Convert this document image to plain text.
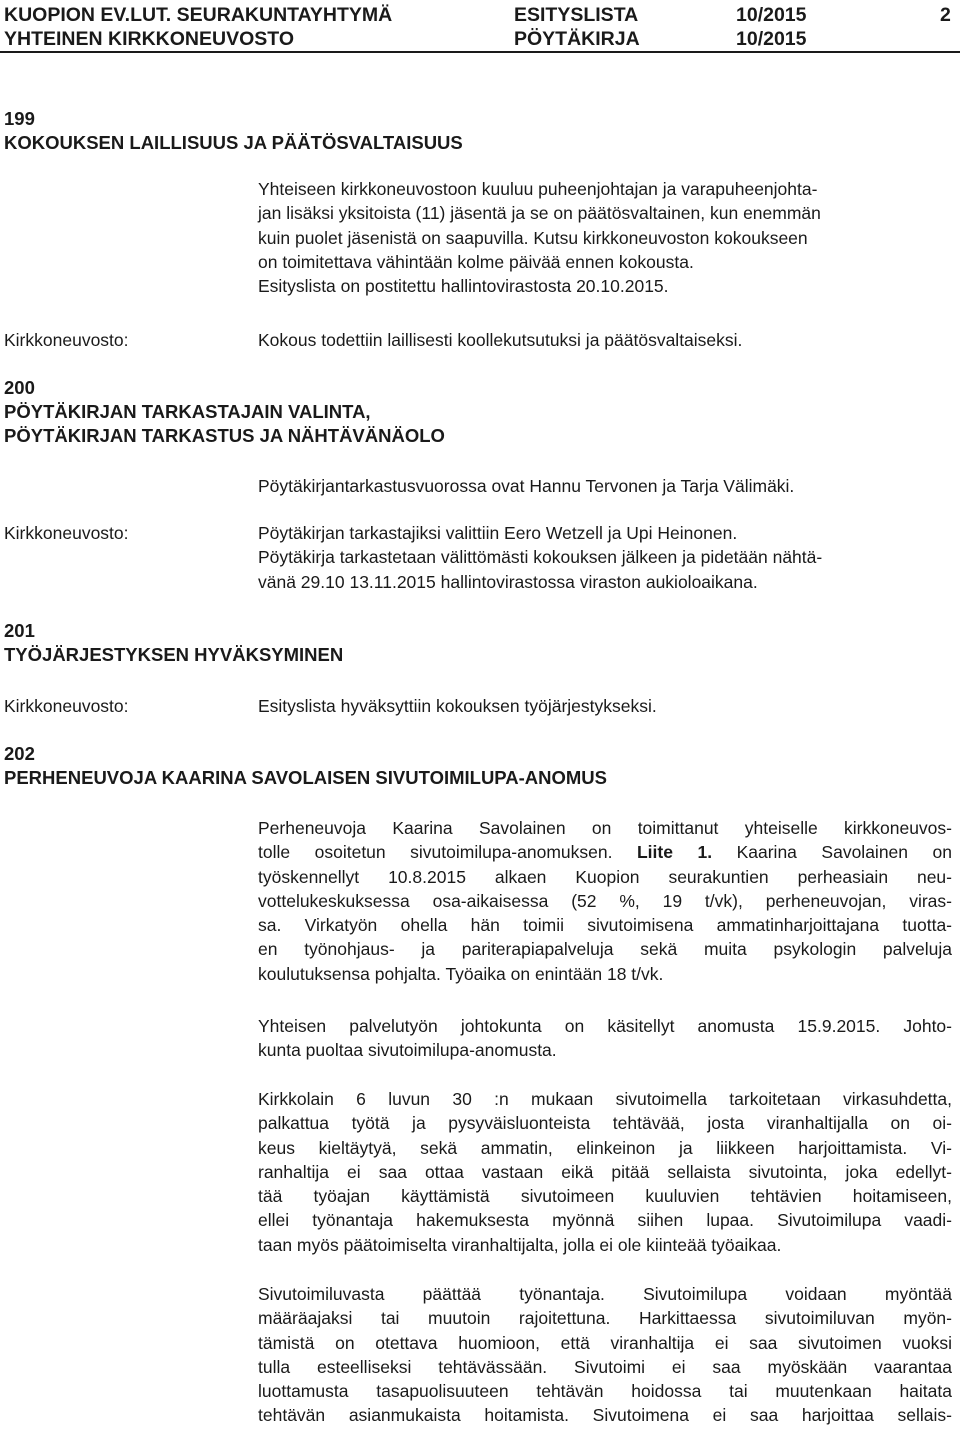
KUOPION EV.LUT. SEURAKUNTAYHTYMÄ
YHTEINEN KIRKKONEUVOSTO
ESITYSLISTA
PÖYTÄKIRJA
10/2015
10/2015
2
199
KOKOUKSEN LAILLISUUS JA PÄÄTÖSVALTAISUUS
Yhteiseen kirkkoneuvostoon kuuluu puheenjohtajan ja varapuheenjohta-
jan lisäksi yksitoista (11) jäsentä ja se on päätösvaltainen, kun enemmän
kuin puolet jäsenistä on saapuvilla. Kutsu kirkkoneuvoston kokoukseen
on toimitettava vähintään kolme päivää ennen kokousta.
Esityslista on postitettu hallintovirastosta 20.10.2015.
Kirkkoneuvosto:	Kokous todettiin laillisesti koollekutsutuksi ja päätösvaltaiseksi.
200
PÖYTÄKIRJAN TARKASTAJAIN VALINTA,
PÖYTÄKIRJAN TARKASTUS JA NÄHTÄVÄNÄOLO
Pöytäkirjantarkastusvuorossa ovat Hannu Tervonen ja Tarja Välimäki.
Kirkkoneuvosto:	Pöytäkirjan tarkastajiksi valittiin Eero Wetzell ja Upi Heinonen.
Pöytäkirja tarkastetaan välittömästi kokouksen jälkeen ja pidetään nähtä-
vänä 29.10 13.11.2015 hallintovirastossa viraston aukioloaikana.
201
TYÖJÄRJESTYKSEN HYVÄKSYMINEN
Kirkkoneuvosto:	Esityslista hyväksyttiin kokouksen työjärjestykseksi.
202
PERHENEUVOJA KAARINA SAVOLAISEN SIVUTOIMILUPA-ANOMUS
Perheneuvoja Kaarina Savolainen on toimittanut yhteiselle kirkkoneuvos-
tolle osoitetun sivutoimilupa-anomuksen. Liite 1. Kaarina Savolainen on
työskennellyt 10.8.2015 alkaen Kuopion seurakuntien perheasiain neu-
vottelukeskuksessa osa-aikaisessa (52 %, 19 t/vk), perheneuvojan, viras-
sa. Virkatyön ohella hän toimii sivutoimisena ammatinharjoittajana tuotta-
en työnohjaus- ja pariterapiapalveluja sekä muita psykologin palveluja
koulutuksensa pohjalta. Työaika on enintään 18 t/vk.
Yhteisen palvelutyön johtokunta on käsitellyt anomusta 15.9.2015. Johto-
kunta puoltaa sivutoimilupa-anomusta.
Kirkkolain 6 luvun 30 :n mukaan sivutoimella tarkoitetaan virkasuhdetta,
palkattua työtä ja pysyväisluonteista tehtävää, josta viranhaltijalla on oi-
keus kieltäytyä, sekä ammatin, elinkeinon ja liikkeen harjoittamista. Vi-
ranhaltija ei saa ottaa vastaan eikä pitää sellaista sivutointa, joka edellyt-
tää työajan käyttämistä sivutoimeen kuuluvien tehtävien hoitamiseen,
ellei työnantaja hakemuksesta myönnä siihen lupaa. Sivutoimilupa vaadi-
taan myös päätoimiselta viranhaltijalta, jolla ei ole kiinteää työaikaa.
Sivutoimiluvasta päättää työnantaja. Sivutoimilupa voidaan myöntää
määräajaksi tai muutoin rajoitettuna. Harkittaessa sivutoimiluvan myön-
tämistä on otettava huomioon, että viranhaltija ei saa sivutoimen vuoksi
tulla esteelliseksi tehtävässään. Sivutoimi ei saa myöskään vaarantaa
luottamusta tasapuolisuuteen tehtävän hoidossa tai muutenkaan haitata
tehtävän asianmukaista hoitamista. Sivutoimena ei saa harjoittaa sellais-
